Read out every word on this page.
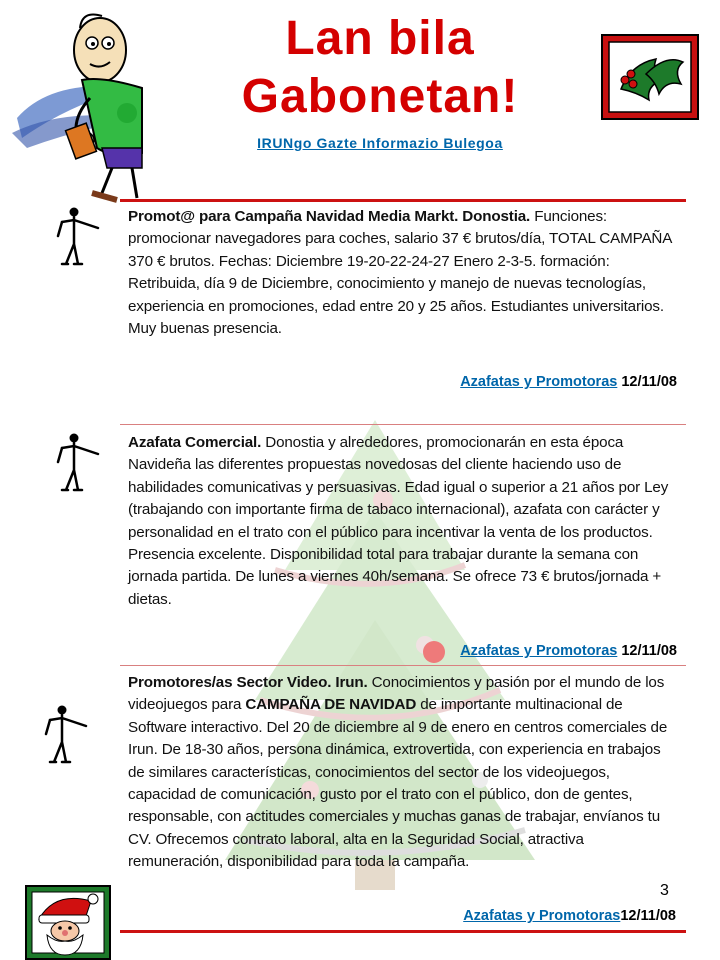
Lan bila
Gabonetan!
IRUNgo Gazte Informazio Bulegoa
Promot@ para Campaña Navidad Media Markt. Donostia. Funciones: promocionar navegadores para coches, salario 37 € brutos/día, TOTAL CAMPAÑA 370 € brutos. Fechas: Diciembre 19-20-22-24-27 Enero 2-3-5. formación: Retribuida, día 9 de Diciembre, conocimiento y manejo de nuevas tecnologías, experiencia en promociones, edad entre 20 y 25 años. Estudiantes universitarios. Muy buenas presencia.
Azafatas y Promotoras 12/11/08
Azafata Comercial. Donostia y alrededores, promocionarán en esta época Navideña las diferentes propuestas novedosas del cliente haciendo uso de habilidades comunicativas y persuasivas. Edad igual o superior a 21 años por Ley (trabajando con importante firma de tabaco internacional), azafata con carácter y personalidad en el trato con el público para incentivar la venta de los productos. Presencia excelente. Disponibilidad total para trabajar durante la semana con jornada partida. De lunes a viernes 40h/semana. Se ofrece 73 € brutos/jornada + dietas.
Azafatas y Promotoras 12/11/08
Promotores/as Sector Video. Irun. Conocimientos y pasión por el mundo de los videojuegos para CAMPAÑA DE NAVIDAD de importante multinacional de Software interactivo. Del 20 de diciembre al 9 de enero en centros comerciales de Irun. De 18-30 años, persona dinámica, extrovertida, con experiencia en trabajos de similares características, conocimientos del sector de los videojuegos, capacidad de comunicación, gusto por el trato con el público, don de gentes, responsable, con actitudes comerciales y muchas ganas de trabajar, envíanos tu CV. Ofrecemos contrato laboral, alta en la Seguridad Social, atractiva remuneración, disponibilidad para toda la campaña.
3
Azafatas y Promotoras12/11/08
